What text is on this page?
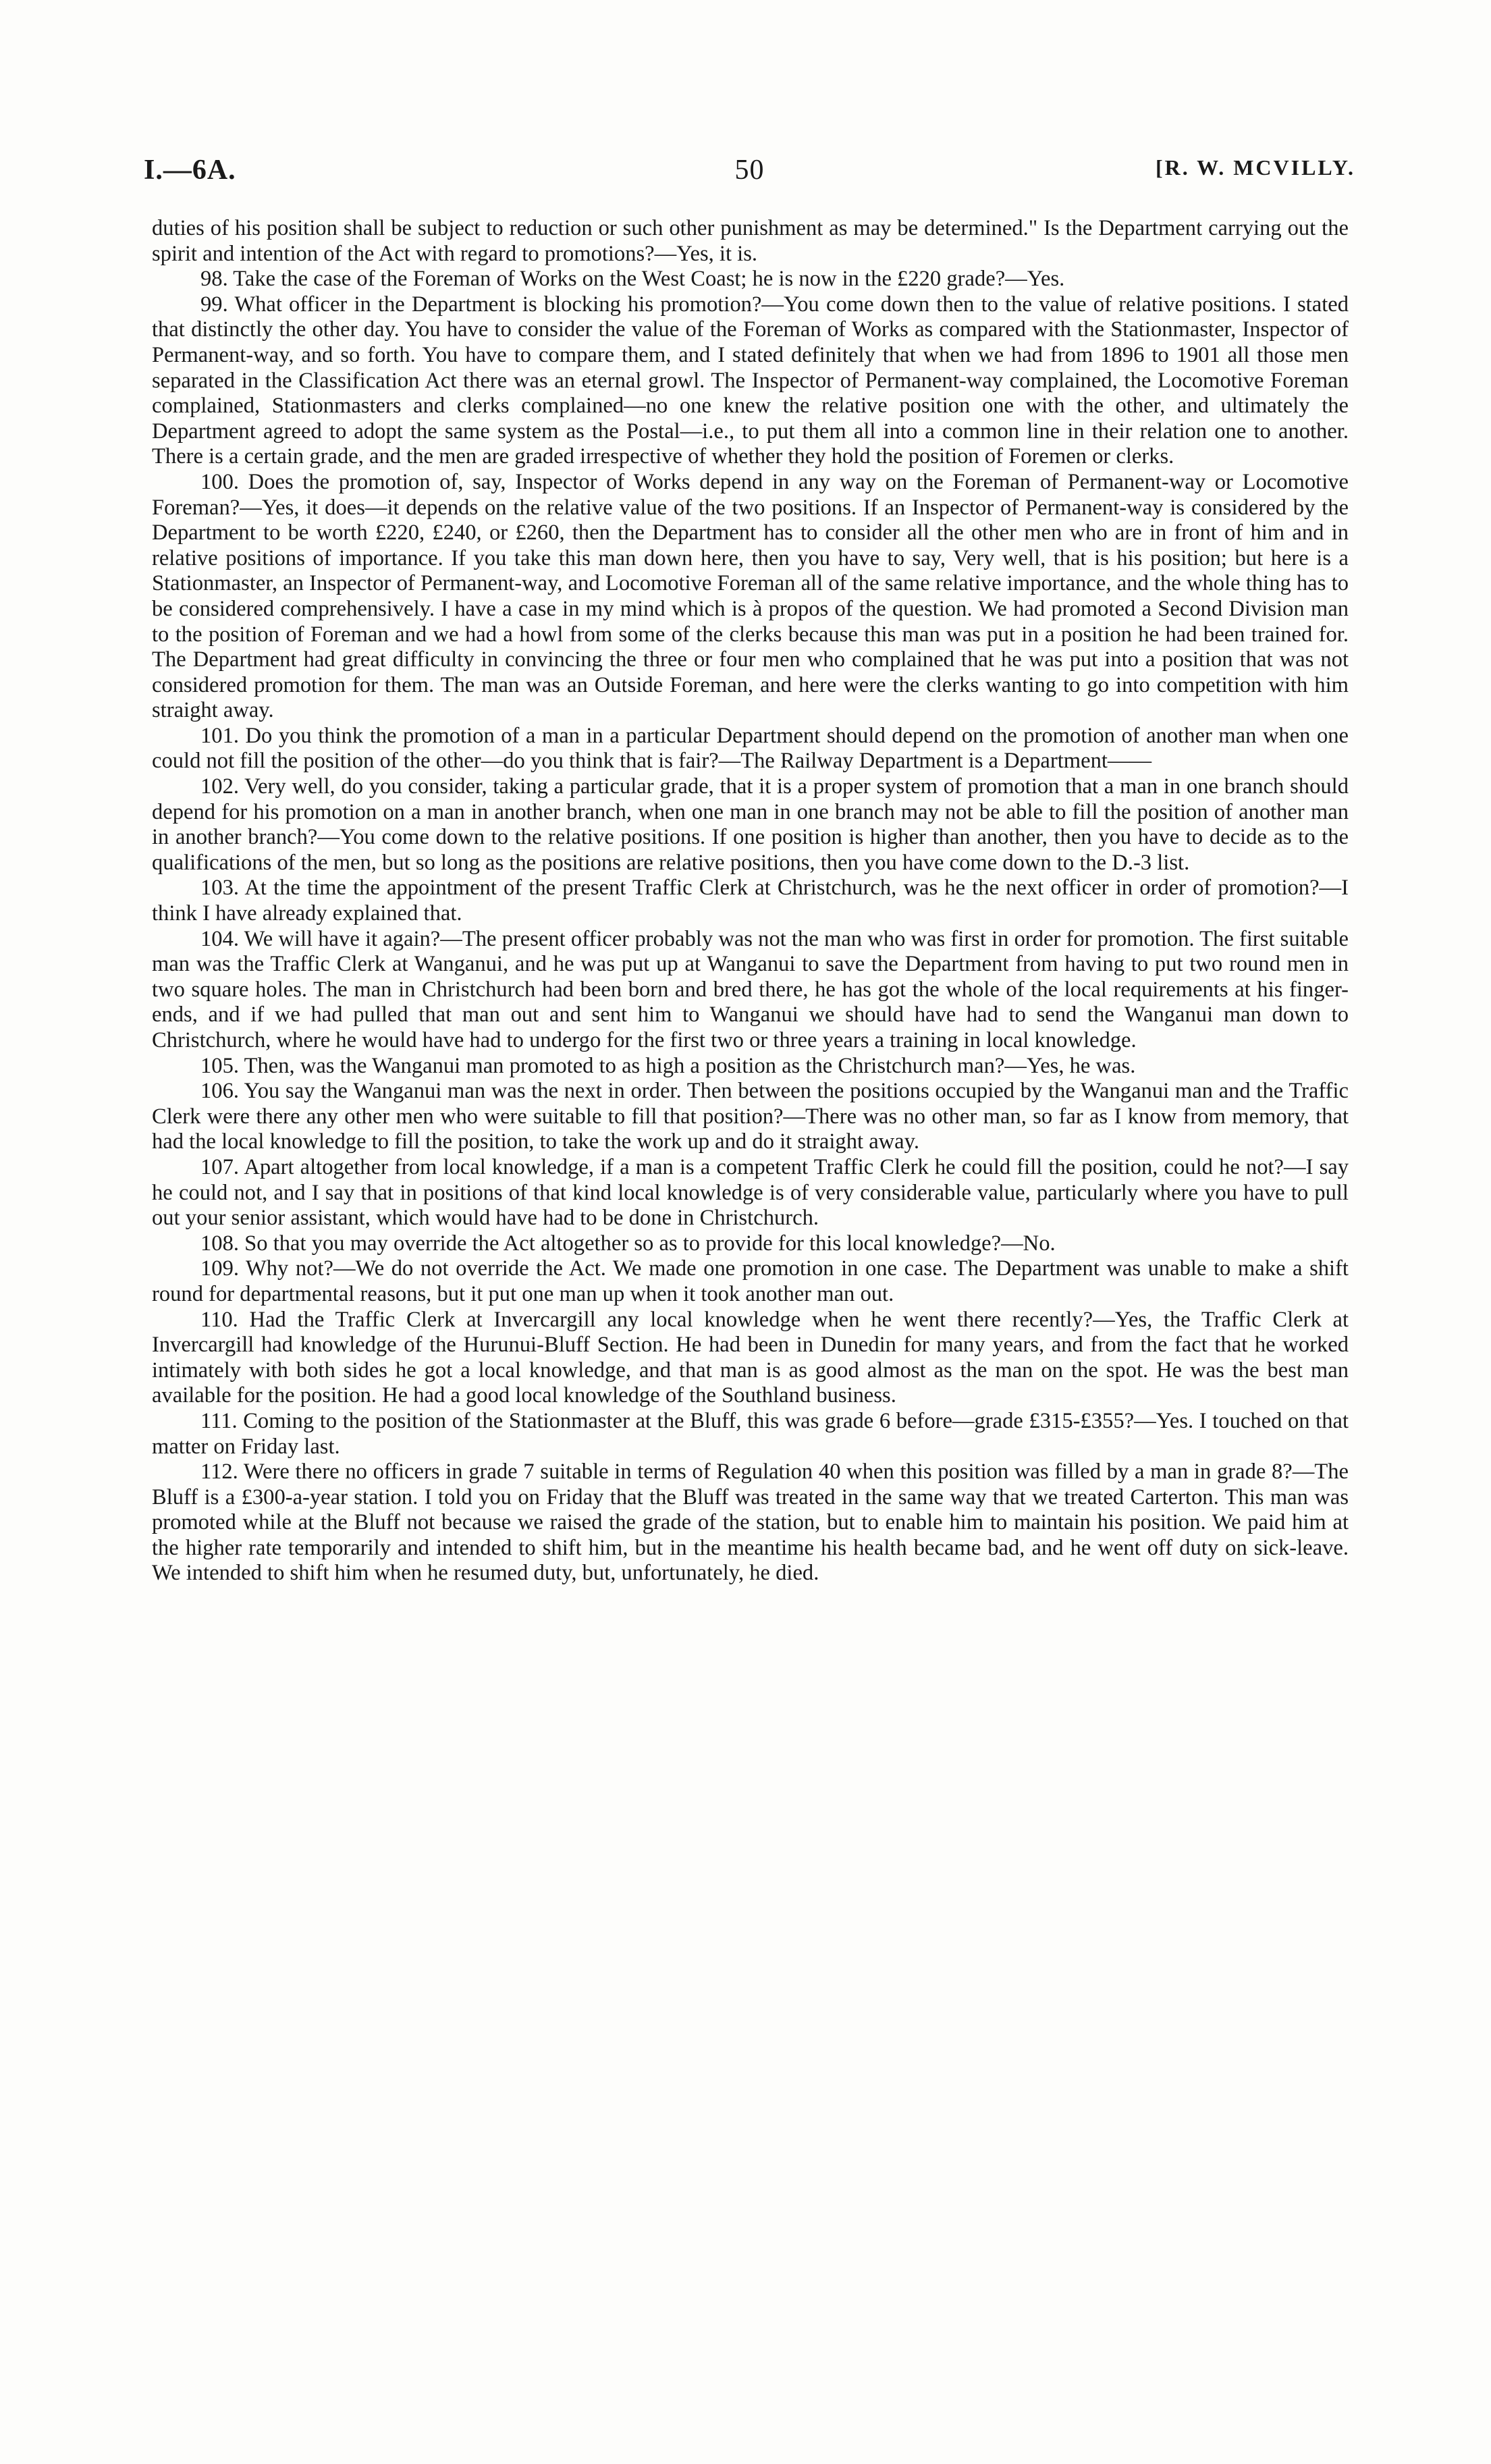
I.—6A.	50	[R. W. MCVILLY.

duties of his position shall be subject to reduction or such other punishment as may be determined." Is the Department carrying out the spirit and intention of the Act with regard to promotions?—Yes, it is.

98. Take the case of the Foreman of Works on the West Coast; he is now in the £220 grade?—Yes.

99. What officer in the Department is blocking his promotion?—You come down then to the value of relative positions. I stated that distinctly the other day. You have to consider the value of the Foreman of Works as compared with the Stationmaster, Inspector of Permanent-way, and so forth. You have to compare them, and I stated definitely that when we had from 1896 to 1901 all those men separated in the Classification Act there was an eternal growl. The Inspector of Permanent-way complained, the Locomotive Foreman complained, Stationmasters and clerks complained—no one knew the relative position one with the other, and ultimately the Department agreed to adopt the same system as the Postal—i.e., to put them all into a common line in their relation one to another. There is a certain grade, and the men are graded irrespective of whether they hold the position of Foremen or clerks.

100. Does the promotion of, say, Inspector of Works depend in any way on the Foreman of Permanent-way or Locomotive Foreman?—Yes, it does—it depends on the relative value of the two positions. If an Inspector of Permanent-way is considered by the Department to be worth £220, £240, or £260, then the Department has to consider all the other men who are in front of him and in relative positions of importance. If you take this man down here, then you have to say, Very well, that is his position; but here is a Stationmaster, an Inspector of Permanent-way, and Locomotive Foreman all of the same relative importance, and the whole thing has to be considered comprehensively. I have a case in my mind which is à propos of the question. We had promoted a Second Division man to the position of Foreman and we had a howl from some of the clerks because this man was put in a position he had been trained for. The Department had great difficulty in convincing the three or four men who complained that he was put into a position that was not considered promotion for them. The man was an Outside Foreman, and here were the clerks wanting to go into competition with him straight away.

101. Do you think the promotion of a man in a particular Department should depend on the promotion of another man when one could not fill the position of the other—do you think that is fair?—The Railway Department is a Department——

102. Very well, do you consider, taking a particular grade, that it is a proper system of promotion that a man in one branch should depend for his promotion on a man in another branch, when one man in one branch may not be able to fill the position of another man in another branch?—You come down to the relative positions. If one position is higher than another, then you have to decide as to the qualifications of the men, but so long as the positions are relative positions, then you have come down to the D.-3 list.

103. At the time the appointment of the present Traffic Clerk at Christchurch, was he the next officer in order of promotion?—I think I have already explained that.

104. We will have it again?—The present officer probably was not the man who was first in order for promotion. The first suitable man was the Traffic Clerk at Wanganui, and he was put up at Wanganui to save the Department from having to put two round men in two square holes. The man in Christchurch had been born and bred there, he has got the whole of the local requirements at his finger-ends, and if we had pulled that man out and sent him to Wanganui we should have had to send the Wanganui man down to Christchurch, where he would have had to undergo for the first two or three years a training in local knowledge.

105. Then, was the Wanganui man promoted to as high a position as the Christchurch man?—Yes, he was.

106. You say the Wanganui man was the next in order. Then between the positions occupied by the Wanganui man and the Traffic Clerk were there any other men who were suitable to fill that position?—There was no other man, so far as I know from memory, that had the local knowledge to fill the position, to take the work up and do it straight away.

107. Apart altogether from local knowledge, if a man is a competent Traffic Clerk he could fill the position, could he not?—I say he could not, and I say that in positions of that kind local knowledge is of very considerable value, particularly where you have to pull out your senior assistant, which would have had to be done in Christchurch.

108. So that you may override the Act altogether so as to provide for this local knowledge?—No.

109. Why not?—We do not override the Act. We made one promotion in one case. The Department was unable to make a shift round for departmental reasons, but it put one man up when it took another man out.

110. Had the Traffic Clerk at Invercargill any local knowledge when he went there recently?—Yes, the Traffic Clerk at Invercargill had knowledge of the Hurunui-Bluff Section. He had been in Dunedin for many years, and from the fact that he worked intimately with both sides he got a local knowledge, and that man is as good almost as the man on the spot. He was the best man available for the position. He had a good local knowledge of the Southland business.

111. Coming to the position of the Stationmaster at the Bluff, this was grade 6 before—grade £315-£355?—Yes. I touched on that matter on Friday last.

112. Were there no officers in grade 7 suitable in terms of Regulation 40 when this position was filled by a man in grade 8?—The Bluff is a £300-a-year station. I told you on Friday that the Bluff was treated in the same way that we treated Carterton. This man was promoted while at the Bluff not because we raised the grade of the station, but to enable him to maintain his position. We paid him at the higher rate temporarily and intended to shift him, but in the meantime his health became bad, and he went off duty on sick-leave. We intended to shift him when he resumed duty, but, unfortunately, he died.
